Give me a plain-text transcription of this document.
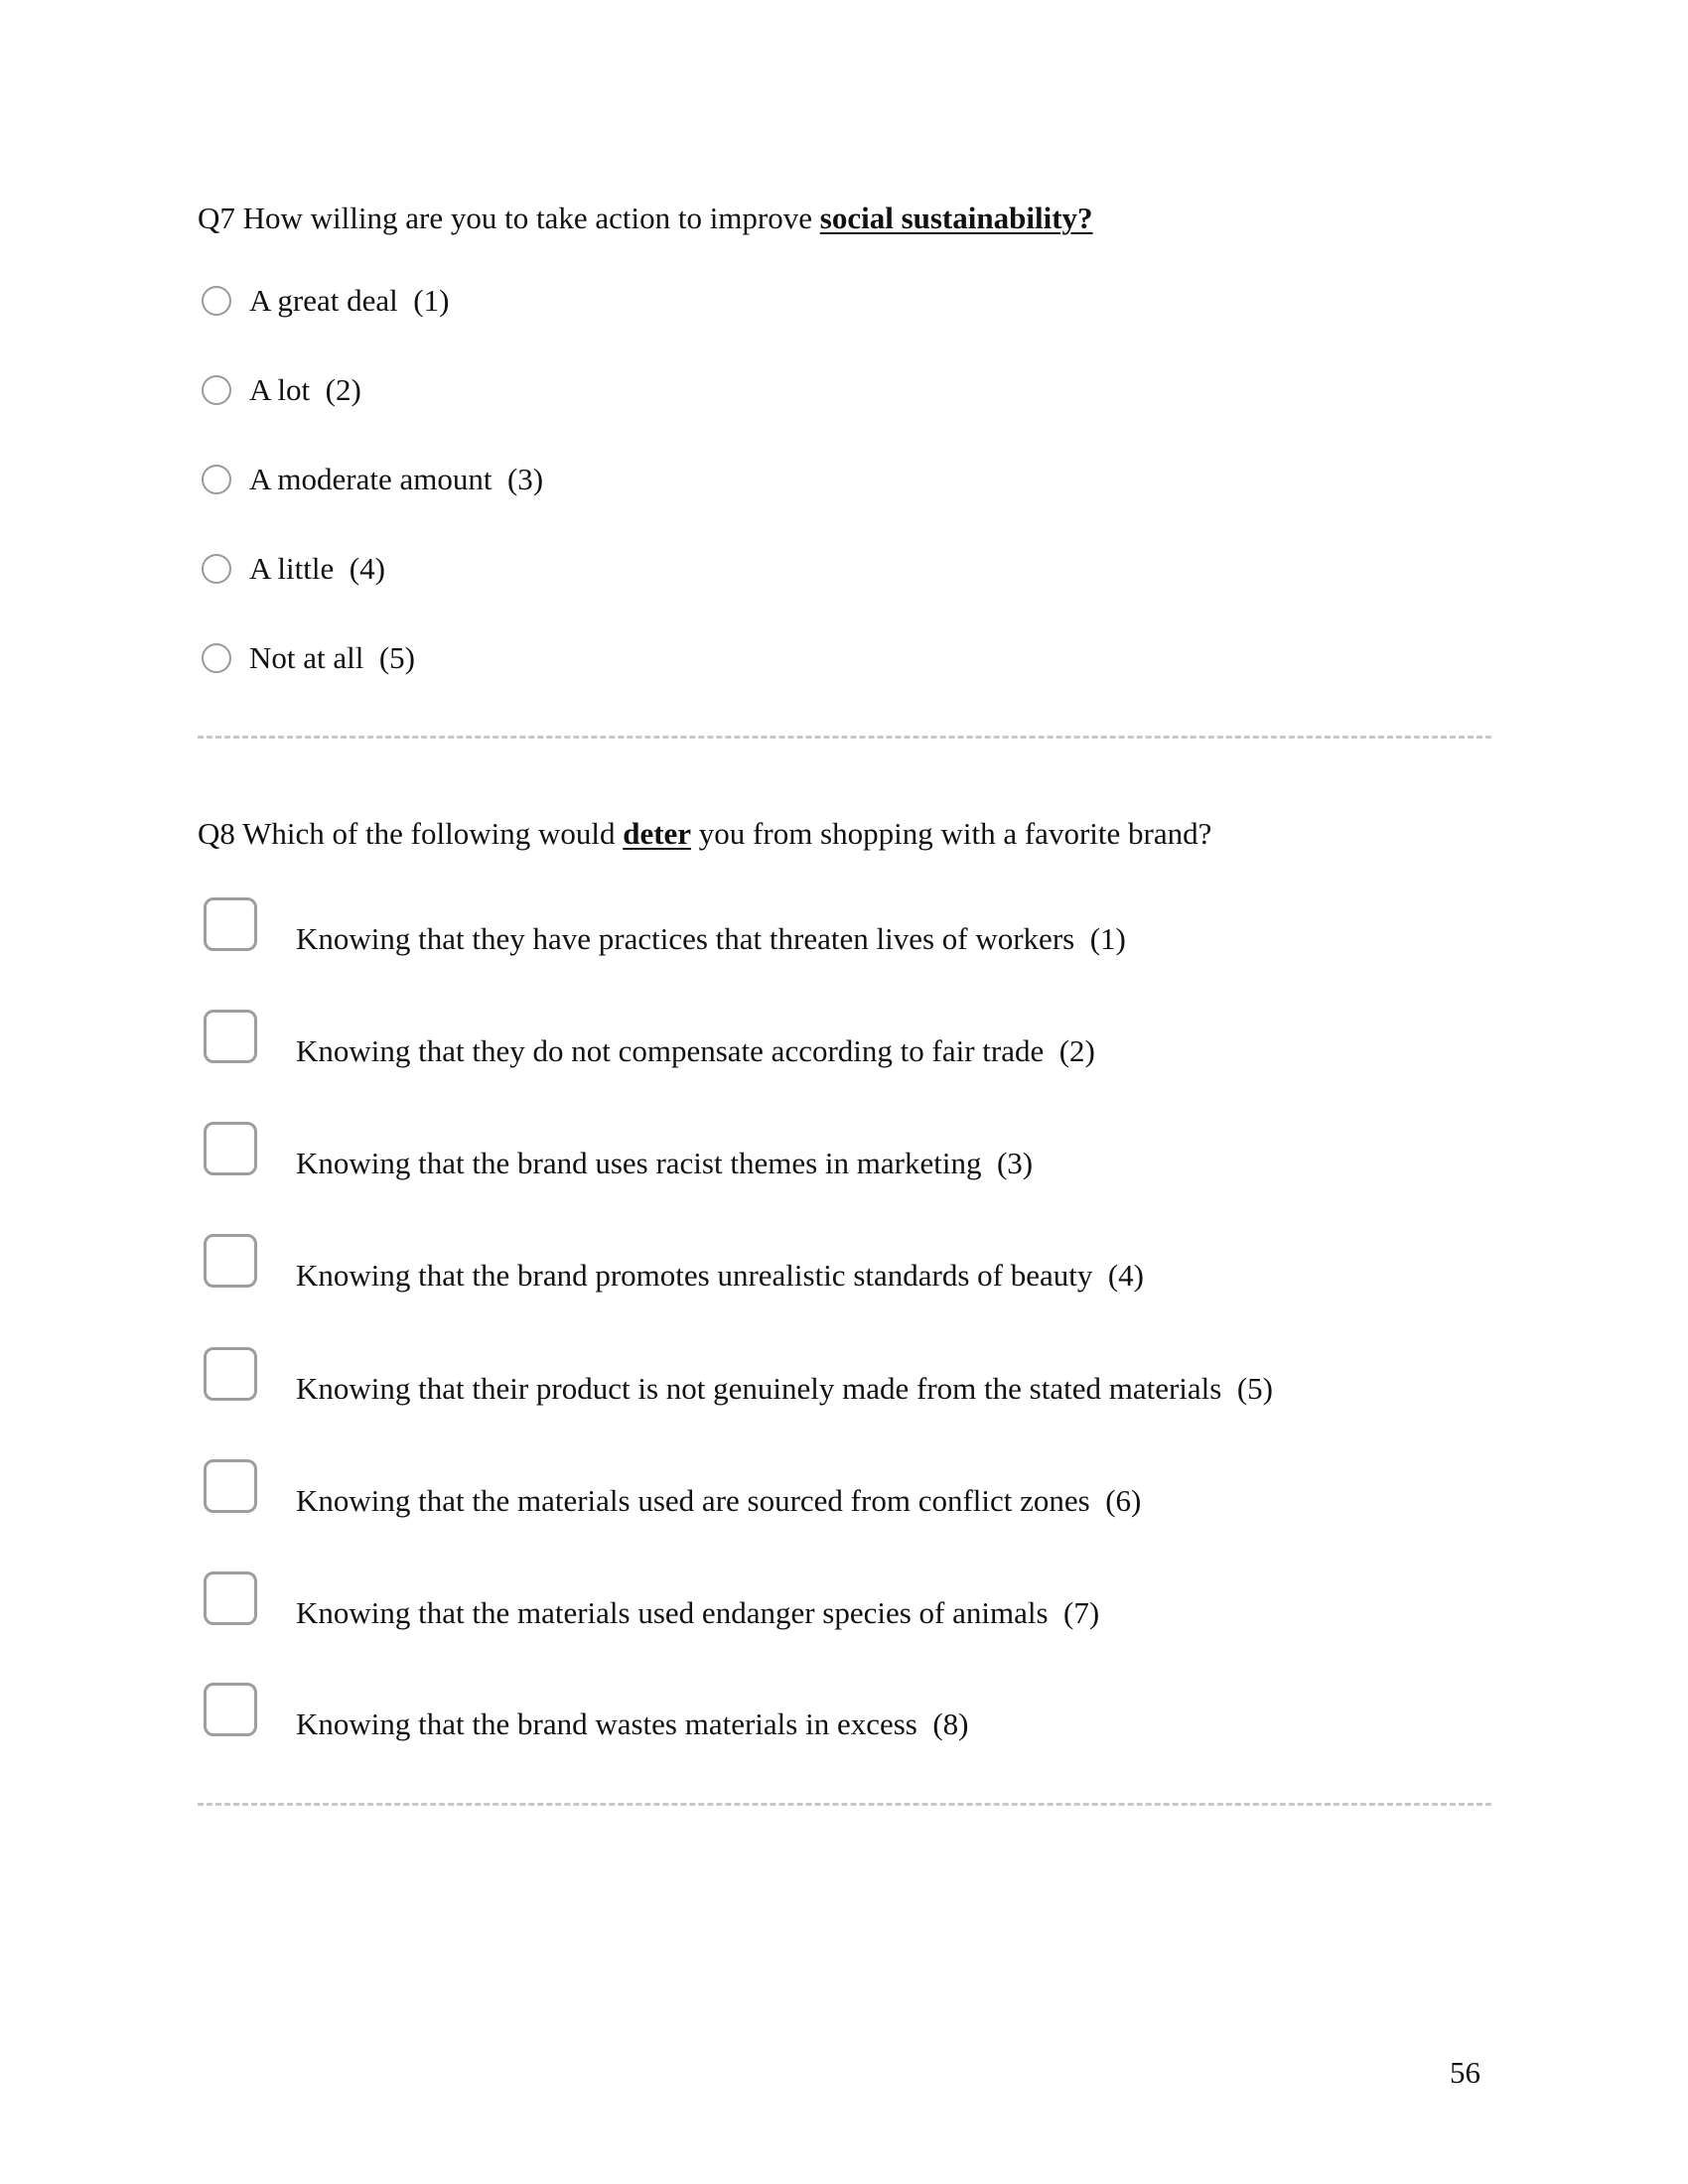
Q7 How willing are you to take action to improve social sustainability?
A great deal  (1)
A lot  (2)
A moderate amount  (3)
A little  (4)
Not at all  (5)
Q8 Which of the following would deter you from shopping with a favorite brand?
Knowing that they have practices that threaten lives of workers  (1)
Knowing that they do not compensate according to fair trade  (2)
Knowing that the brand uses racist themes in marketing  (3)
Knowing that the brand promotes unrealistic standards of beauty  (4)
Knowing that their product is not genuinely made from the stated materials  (5)
Knowing that the materials used are sourced from conflict zones  (6)
Knowing that the materials used endanger species of animals  (7)
Knowing that the brand wastes materials in excess  (8)
56
